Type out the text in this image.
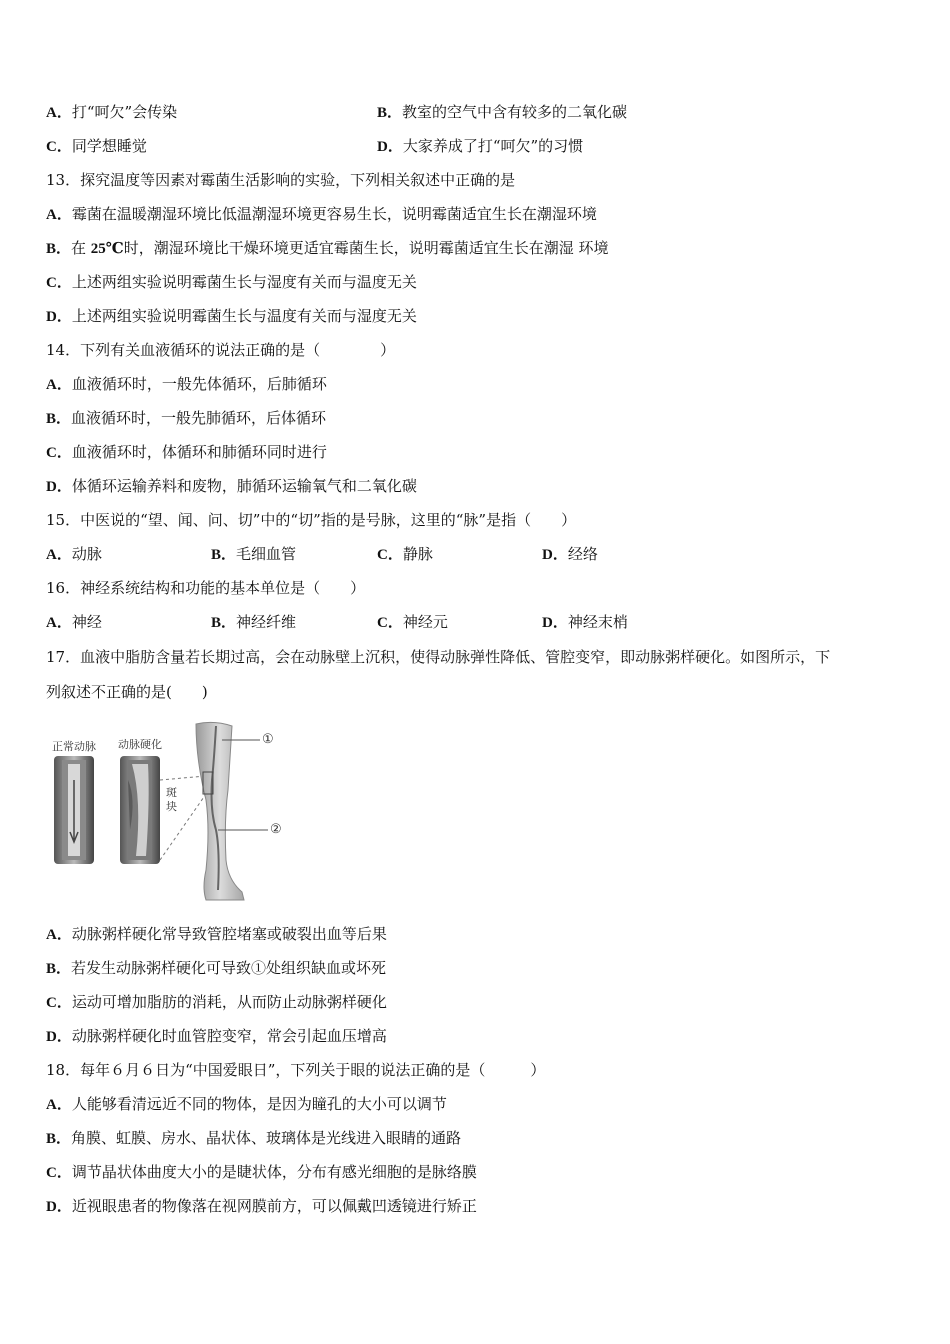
A．打“呵欠”会传染	B．教室的空气中含有较多的二氧化碳
C．同学想睡觉	D．大家养成了打“呵欠”的习惯
13．探究温度等因素对霉菌生活影响的实验，下列相关叙述中正确的是
A．霉菌在温暖潮湿环境比低温潮湿环境更容易生长，说明霉菌适宜生长在潮湿环境
B．在 25℃时，潮湿环境比干燥环境更适宜霉菌生长，说明霉菌适宜生长在潮湿 环境
C．上述两组实验说明霉菌生长与湿度有关而与温度无关
D．上述两组实验说明霉菌生长与温度有关而与湿度无关
14．下列有关血液循环的说法正确的是（　　　　）
A．血液循环时，一般先体循环，后肺循环
B．血液循环时，一般先肺循环，后体循环
C．血液循环时，体循环和肺循环同时进行
D．体循环运输养料和废物，肺循环运输氧气和二氧化碳
15．中医说的“望、闻、问、切”中的“切”指的是号脉，这里的“脉”是指（　　）
A．动脉	B．毛细血管	C．静脉	D．经络
16．神经系统结构和功能的基本单位是（　　）
A．神经	B．神经纤维	C．神经元	D．神经末梢
17．血液中脂肪含量若长期过高，会在动脉壁上沉积，使得动脉弹性降低、管腔变窄，即动脉粥样硬化。如图所示，下
列叙述不正确的是(　　)
正常动脉 动脉硬化
斑块
①
②
A．动脉粥样硬化常导致管腔堵塞或破裂出血等后果
B．若发生动脉粥样硬化可导致①处组织缺血或坏死
C．运动可增加脂肪的消耗，从而防止动脉粥样硬化
D．动脉粥样硬化时血管腔变窄，常会引起血压增高
18．每年６月６日为“中国爱眼日”，下列关于眼的说法正确的是（　　　）
A．人能够看清远近不同的物体，是因为瞳孔的大小可以调节
B．角膜、虹膜、房水、晶状体、玻璃体是光线进入眼睛的通路
C．调节晶状体曲度大小的是睫状体，分布有感光细胞的是脉络膜
D．近视眼患者的物像落在视网膜前方，可以佩戴凹透镜进行矫正
